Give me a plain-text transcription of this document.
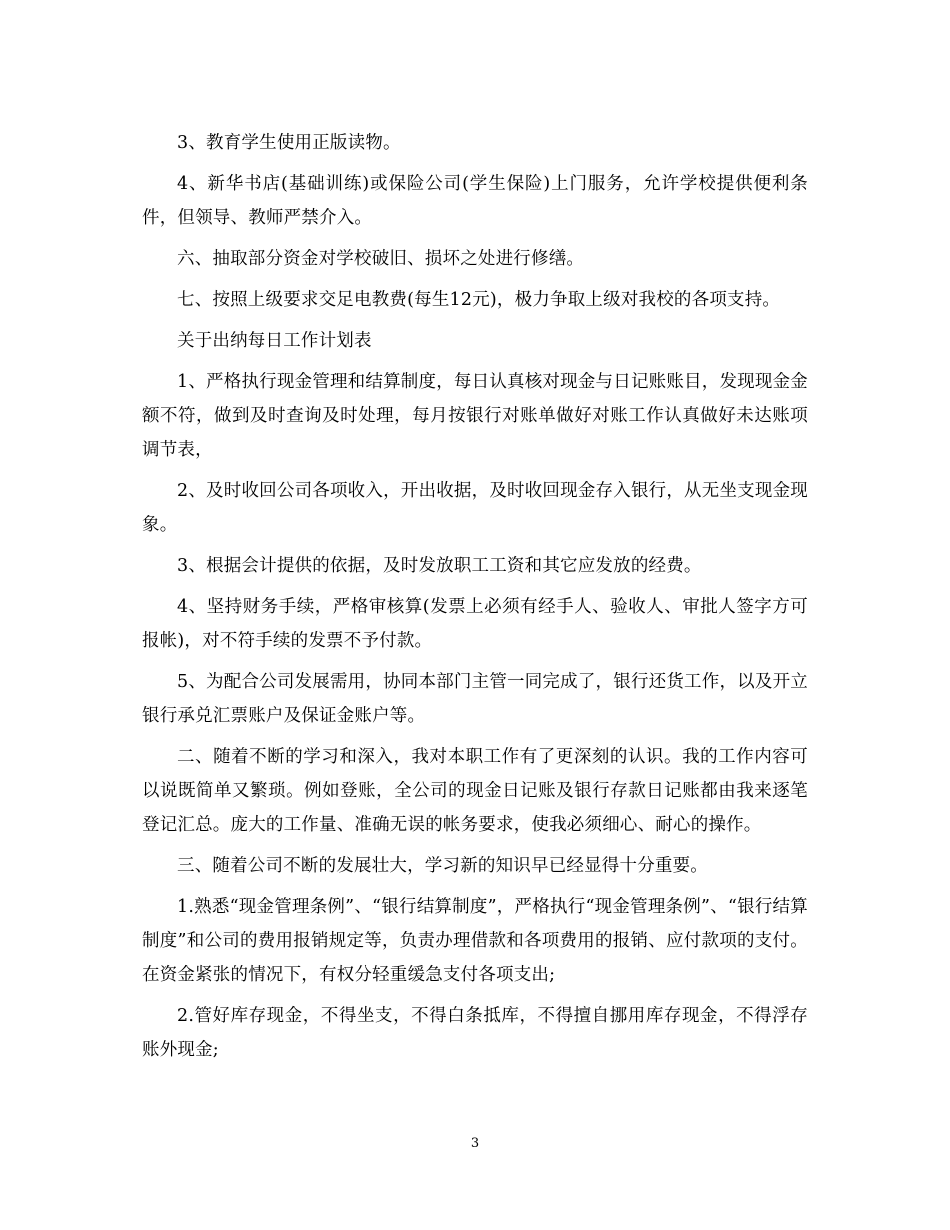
3、教育学生使用正版读物。

4、新华书店(基础训练)或保险公司(学生保险)上门服务，允许学校提供便利条件，但领导、教师严禁介入。

六、抽取部分资金对学校破旧、损坏之处进行修缮。

七、按照上级要求交足电教费(每生12元)，极力争取上级对我校的各项支持。

关于出纳每日工作计划表

1、严格执行现金管理和结算制度，每日认真核对现金与日记账账目，发现现金金额不符，做到及时查询及时处理，每月按银行对账单做好对账工作认真做好未达账项调节表，

2、及时收回公司各项收入，开出收据，及时收回现金存入银行，从无坐支现金现象。

3、根据会计提供的依据，及时发放职工工资和其它应发放的经费。

4、坚持财务手续，严格审核算(发票上必须有经手人、验收人、审批人签字方可报帐)，对不符手续的发票不予付款。

5、为配合公司发展需用，协同本部门主管一同完成了，银行还货工作，以及开立银行承兑汇票账户及保证金账户等。

二、随着不断的学习和深入，我对本职工作有了更深刻的认识。我的工作内容可以说既简单又繁琐。例如登账，全公司的现金日记账及银行存款日记账都由我来逐笔登记汇总。庞大的工作量、准确无误的帐务要求，使我必须细心、耐心的操作。

三、随着公司不断的发展壮大，学习新的知识早已经显得十分重要。

1.熟悉“现金管理条例”、“银行结算制度”，严格执行“现金管理条例”、“银行结算制度”和公司的费用报销规定等，负责办理借款和各项费用的报销、应付款项的支付。在资金紧张的情况下，有权分轻重缓急支付各项支出;

2.管好库存现金，不得坐支，不得白条抵库，不得擅自挪用库存现金，不得浮存账外现金;

3
